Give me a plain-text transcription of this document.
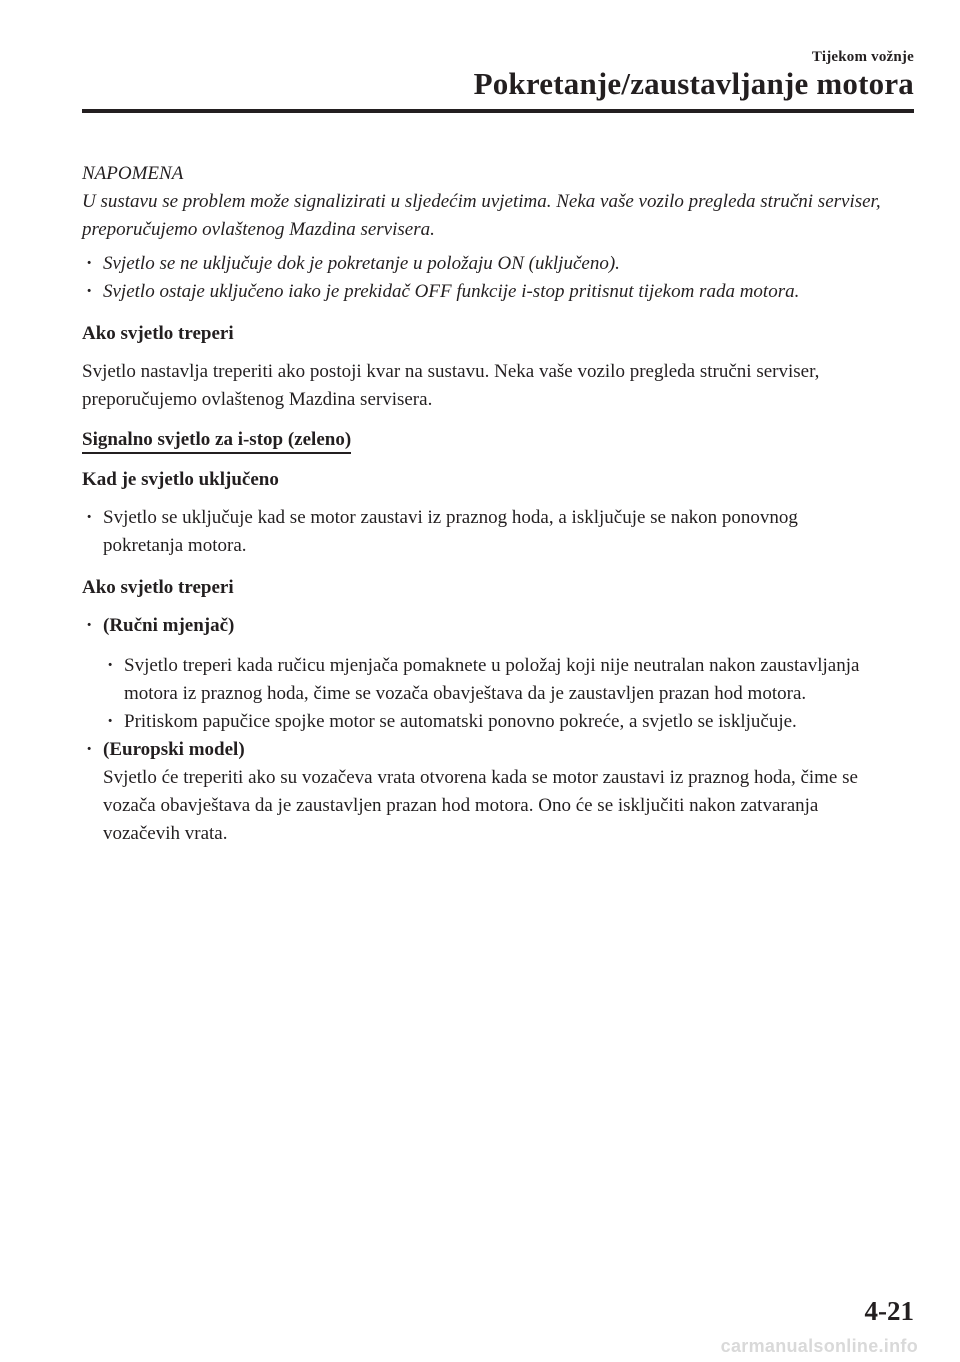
Tijekom vožnje
Pokretanje/zaustavljanje motora

NAPOMENA

U sustavu se problem može signalizirati u sljedećim uvjetima. Neka vaše vozilo pregleda stručni serviser, preporučujemo ovlaštenog Mazdina servisera.

· Svjetlo se ne uključuje dok je pokretanje u položaju ON (uključeno).
· Svjetlo ostaje uključeno iako je prekidač OFF funkcije i-stop pritisnut tijekom rada motora.

Ako svjetlo treperi

Svjetlo nastavlja treperiti ako postoji kvar na sustavu. Neka vaše vozilo pregleda stručni serviser, preporučujemo ovlaštenog Mazdina servisera.

Signalno svjetlo za i-stop (zeleno)

Kad je svjetlo uključeno

· Svjetlo se uključuje kad se motor zaustavi iz praznog hoda, a isključuje se nakon ponovnog pokretanja motora.

Ako svjetlo treperi

· (Ručni mjenjač)
· Svjetlo treperi kada ručicu mjenjača pomaknete u položaj koji nije neutralan nakon zaustavljanja motora iz praznog hoda, čime se vozača obavještava da je zaustavljen prazan hod motora.
· Pritiskom papučice spojke motor se automatski ponovno pokreće, a svjetlo se isključuje.
· (Europski model)
Svjetlo će treperiti ako su vozačeva vrata otvorena kada se motor zaustavi iz praznog hoda, čime se vozača obavještava da je zaustavljen prazan hod motora. Ono će se isključiti nakon zatvaranja vozačevih vrata.
4-21
carmanualsonline.info
